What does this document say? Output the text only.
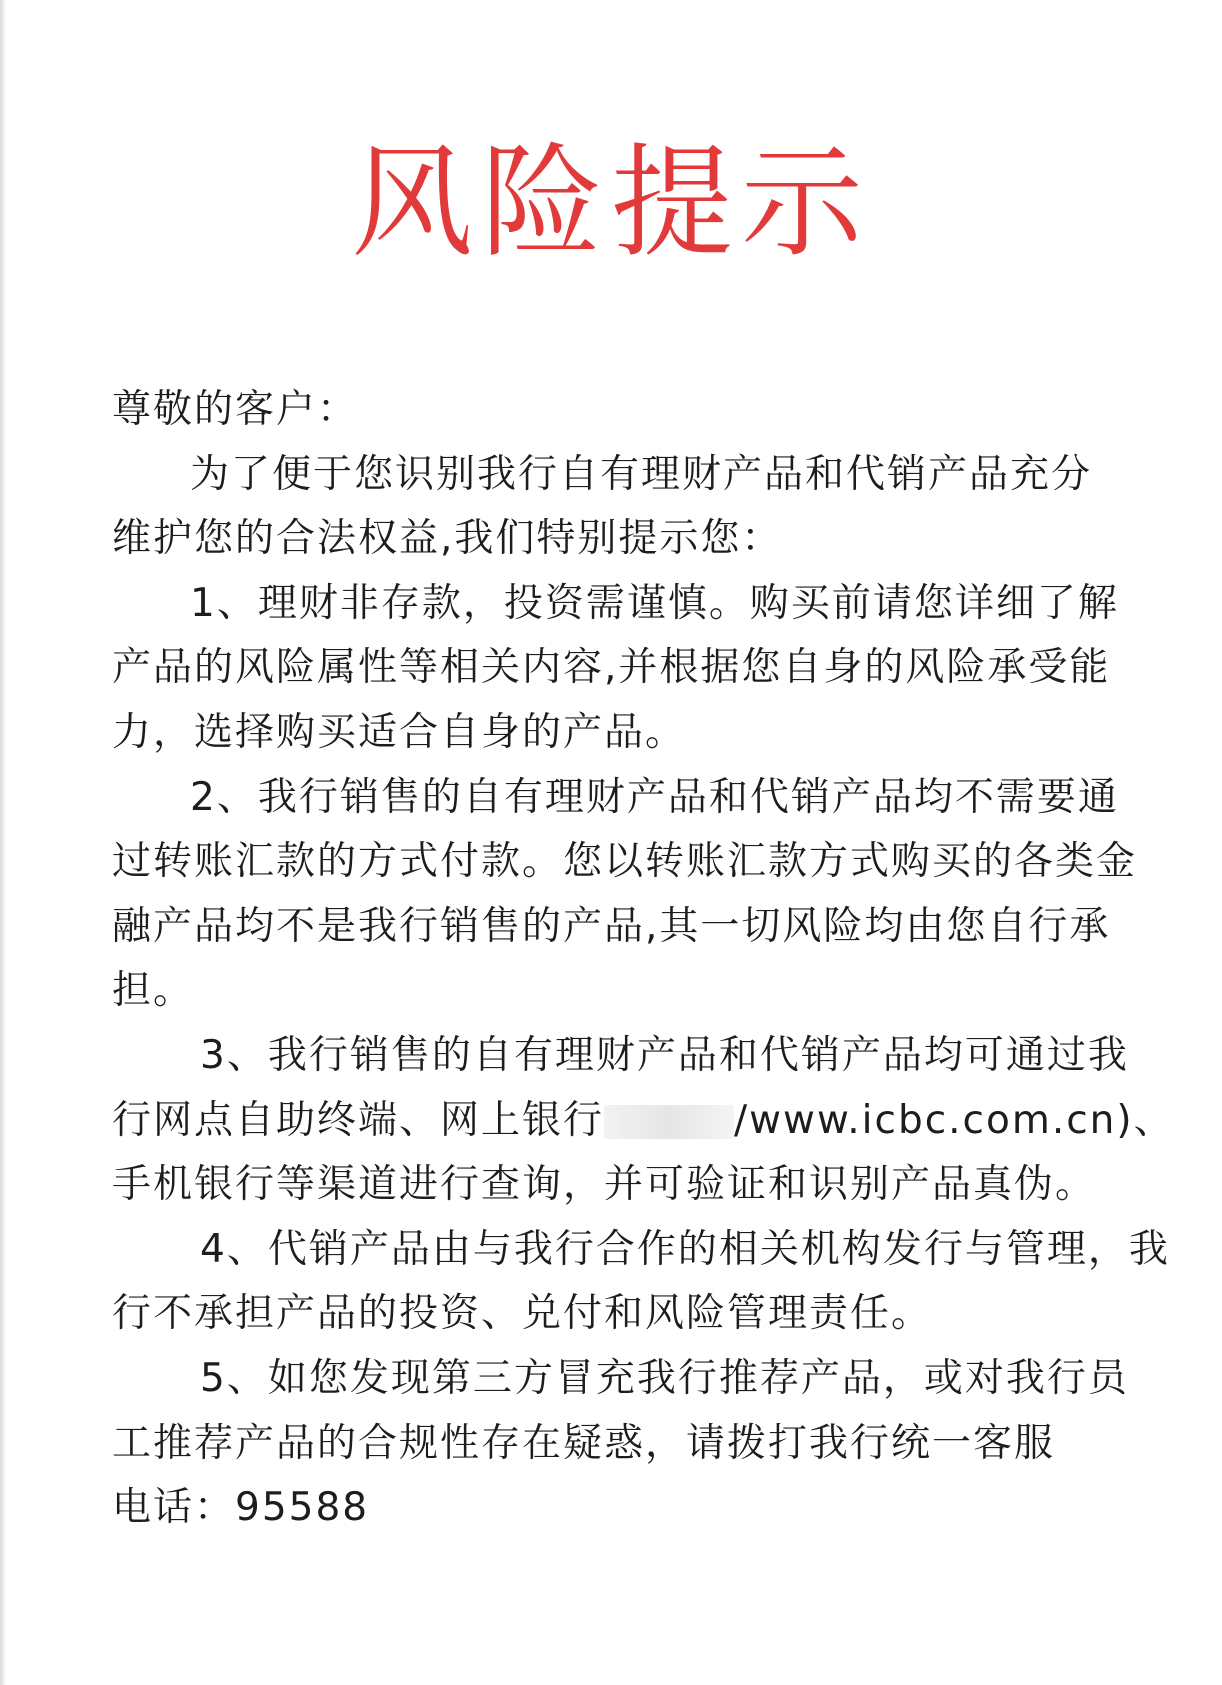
风险提示
尊敬的客户：
为了便于您识别我行自有理财产品和代销产品充分
维护您的合法权益,我们特别提示您：
1、理财非存款，投资需谨慎。购买前请您详细了解
产品的风险属性等相关内容,并根据您自身的风险承受能
力，选择购买适合自身的产品。
2、我行销售的自有理财产品和代销产品均不需要通
过转账汇款的方式付款。您以转账汇款方式购买的各类金
融产品均不是我行销售的产品,其一切风险均由您自行承
担。
3、我行销售的自有理财产品和代销产品均可通过我
行网点自助终端、网上银行	/www.icbc.com.cn)、
手机银行等渠道进行查询，并可验证和识别产品真伪。
4、代销产品由与我行合作的相关机构发行与管理，我
行不承担产品的投资、兑付和风险管理责任。
5、如您发现第三方冒充我行推荐产品，或对我行员
工推荐产品的合规性存在疑惑，请拨打我行统一客服
电话：95588
